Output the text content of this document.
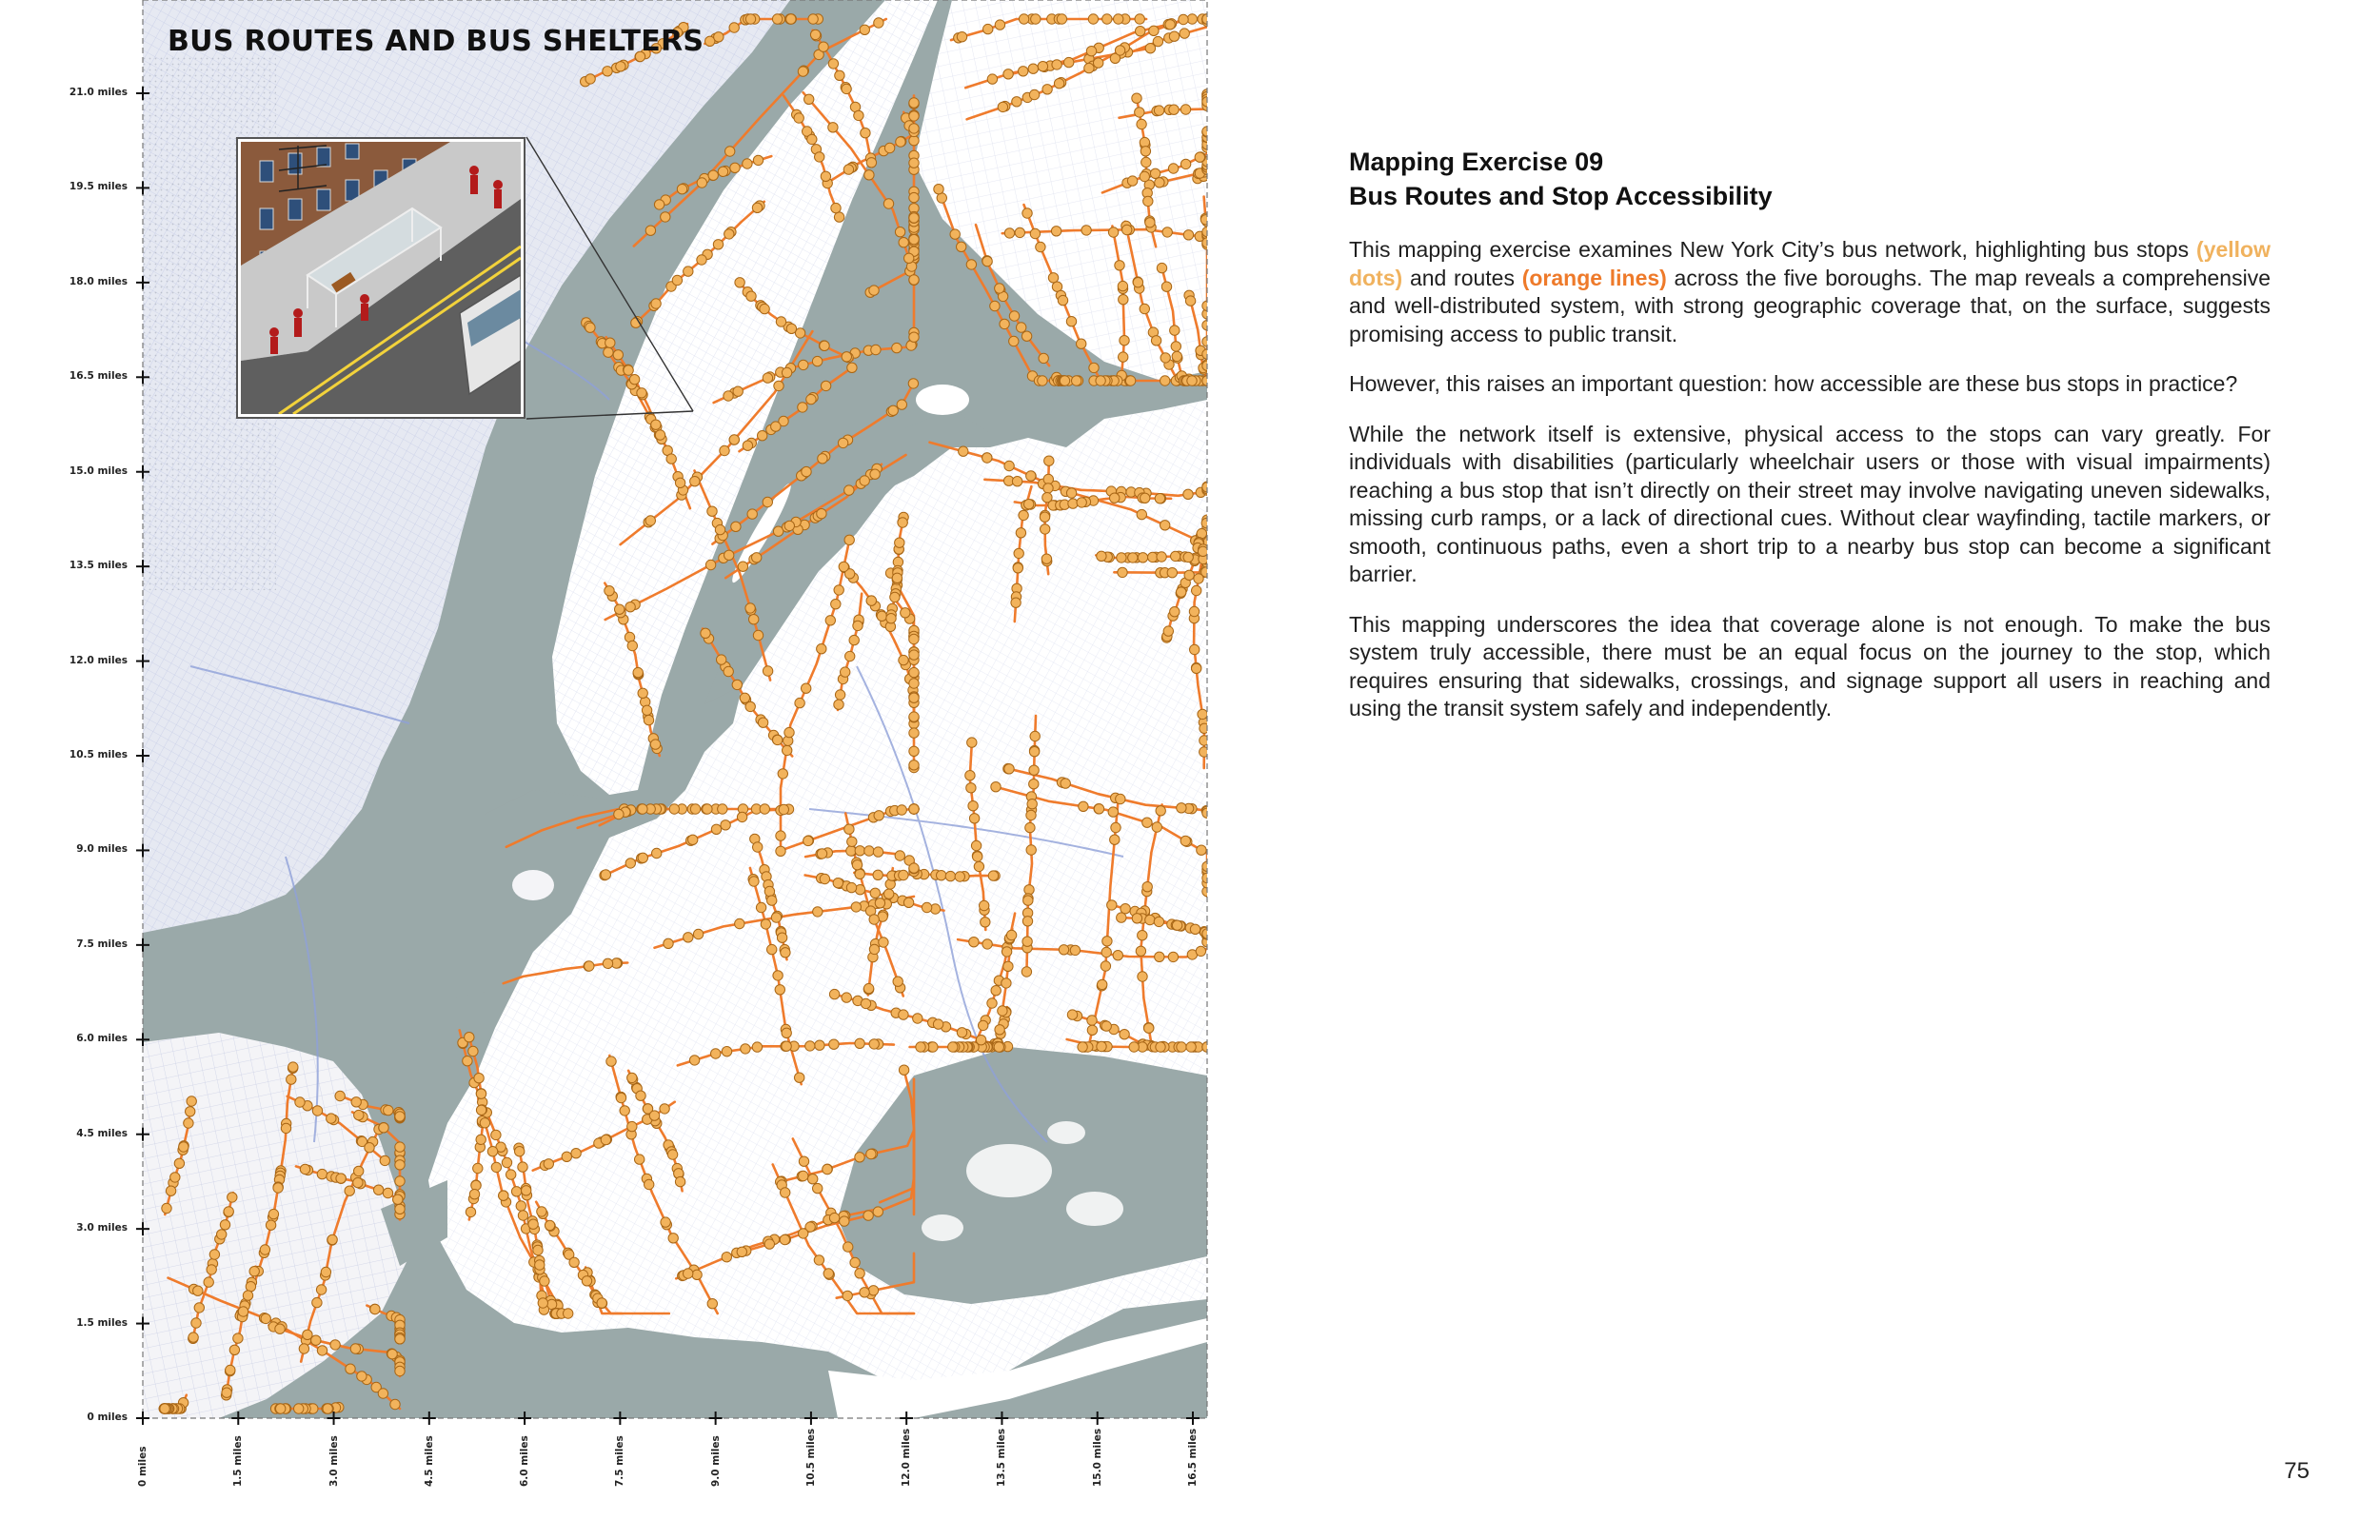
BUS ROUTES AND BUS SHELTERS
21.0 miles
19.5 miles
18.0 miles
16.5 miles
15.0 miles
13.5 miles
12.0 miles
10.5 miles
9.0 miles
7.5 miles
6.0 miles
4.5 miles
3.0 miles
1.5 miles
0 miles
0 miles	1.5 miles	3.0 miles	4.5 miles	6.0 miles	7.5 miles	9.0 miles	10.5 miles	12.0 miles	13.5 miles	15.0 miles	16.5 miles
Mapping Exercise 09
Bus Routes and Stop Accessibility

This mapping exercise examines New York City’s bus network, highlighting bus stops (yellow dots) and routes (orange lines) across the five boroughs. The map reveals a comprehensive and well-distributed system, with strong geographic coverage that, on the surface, suggests promising access to public transit.

However, this raises an important question: how accessible are these bus stops in practice?

While the network itself is extensive, physical access to the stops can vary greatly. For individuals with disabilities (particularly wheelchair users or those with visual impairments) reaching a bus stop that isn’t directly on their street may involve navigating uneven sidewalks, missing curb ramps, or a lack of directional cues. Without clear wayfinding, tactile markers, or smooth, continuous paths, even a short trip to a nearby bus stop can become a significant barrier.

This mapping underscores the idea that coverage alone is not enough. To make the bus system truly accessible, there must be an equal focus on the journey to the stop, which requires ensuring that sidewalks, crossings, and signage support all users in reaching and using the transit system safely and independently.

75
